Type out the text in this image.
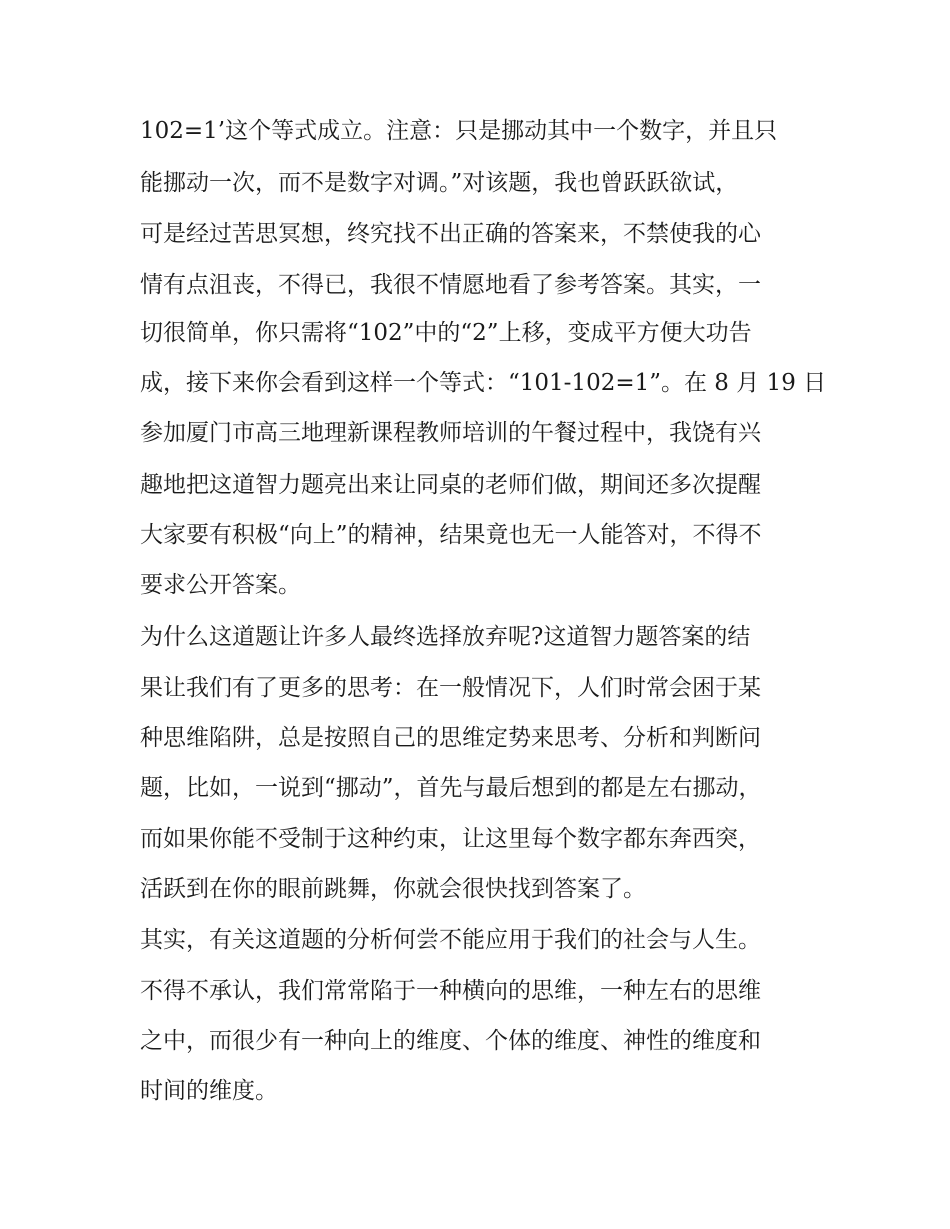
102=1’这个等式成立。注意：只是挪动其中一个数字，并且只

能挪动一次，而不是数字对调。”对该题，我也曾跃跃欲试，

可是经过苦思冥想，终究找不出正确的答案来，不禁使我的心

情有点沮丧，不得已，我很不情愿地看了参考答案。其实，一

切很简单，你只需将“102”中的“2”上移，变成平方便大功告

成，接下来你会看到这样一个等式：“101-102=1”。在 8 月 19 日

参加厦门市高三地理新课程教师培训的午餐过程中，我饶有兴

趣地把这道智力题亮出来让同桌的老师们做，期间还多次提醒

大家要有积极“向上”的精神，结果竟也无一人能答对，不得不

要求公开答案。

为什么这道题让许多人最终选择放弃呢?这道智力题答案的结

果让我们有了更多的思考：在一般情况下，人们时常会困于某

种思维陷阱，总是按照自己的思维定势来思考、分析和判断问

题，比如，一说到“挪动”，首先与最后想到的都是左右挪动，

而如果你能不受制于这种约束，让这里每个数字都东奔西突，

活跃到在你的眼前跳舞，你就会很快找到答案了。

其实，有关这道题的分析何尝不能应用于我们的社会与人生。

不得不承认，我们常常陷于一种横向的思维，一种左右的思维

之中，而很少有一种向上的维度、个体的维度、神性的维度和

时间的维度。
